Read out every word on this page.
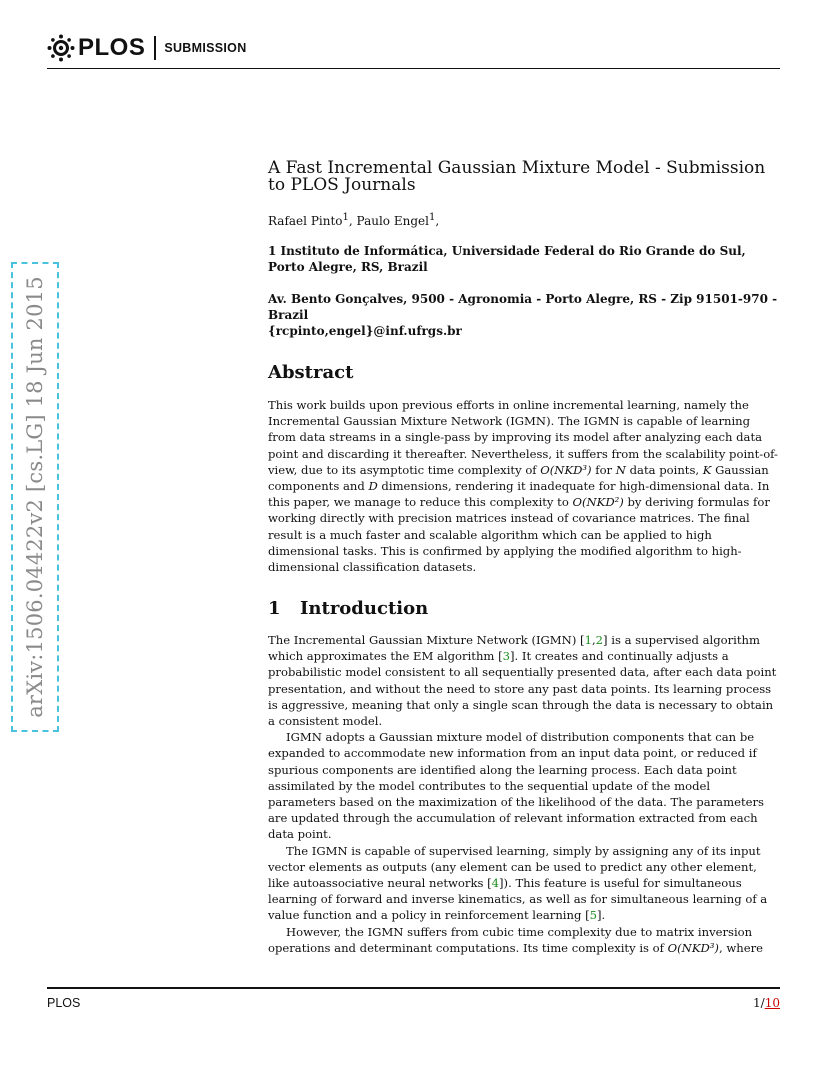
PLOS SUBMISSION
arXiv:1506.04422v2 [cs.LG] 18 Jun 2015
A Fast Incremental Gaussian Mixture Model - Submission to PLOS Journals
Rafael Pinto$^1$, Paulo Engel$^1$,
1 Instituto de Informática, Universidade Federal do Rio Grande do Sul, Porto Alegre, RS, Brazil
Av. Bento Gonçalves, 9500 - Agronomia - Porto Alegre, RS - Zip 91501-970 - Brazil
{rcpinto,engel}@inf.ufrgs.br
Abstract
This work builds upon previous efforts in online incremental learning, namely the Incremental Gaussian Mixture Network (IGMN). The IGMN is capable of learning from data streams in a single-pass by improving its model after analyzing each data point and discarding it thereafter. Nevertheless, it suffers from the scalability point-of-view, due to its asymptotic time complexity of O(NKD³) for N data points, K Gaussian components and D dimensions, rendering it inadequate for high-dimensional data. In this paper, we manage to reduce this complexity to O(NKD²) by deriving formulas for working directly with precision matrices instead of covariance matrices. The final result is a much faster and scalable algorithm which can be applied to high dimensional tasks. This is confirmed by applying the modified algorithm to high-dimensional classification datasets.
1 Introduction

The Incremental Gaussian Mixture Network (IGMN) [1,2] is a supervised algorithm which approximates the EM algorithm [3]. It creates and continually adjusts a probabilistic model consistent to all sequentially presented data, after each data point presentation, and without the need to store any past data points. Its learning process is aggressive, meaning that only a single scan through the data is necessary to obtain a consistent model.

IGMN adopts a Gaussian mixture model of distribution components that can be expanded to accommodate new information from an input data point, or reduced if spurious components are identified along the learning process. Each data point assimilated by the model contributes to the sequential update of the model parameters based on the maximization of the likelihood of the data. The parameters are updated through the accumulation of relevant information extracted from each data point.

The IGMN is capable of supervised learning, simply by assigning any of its input vector elements as outputs (any element can be used to predict any other element, like autoassociative neural networks [4]). This feature is useful for simultaneous learning of forward and inverse kinematics, as well as for simultaneous learning of a value function and a policy in reinforcement learning [5].

However, the IGMN suffers from cubic time complexity due to matrix inversion operations and determinant computations. Its time complexity is of O(NKD³), where

PLOS	1/10
